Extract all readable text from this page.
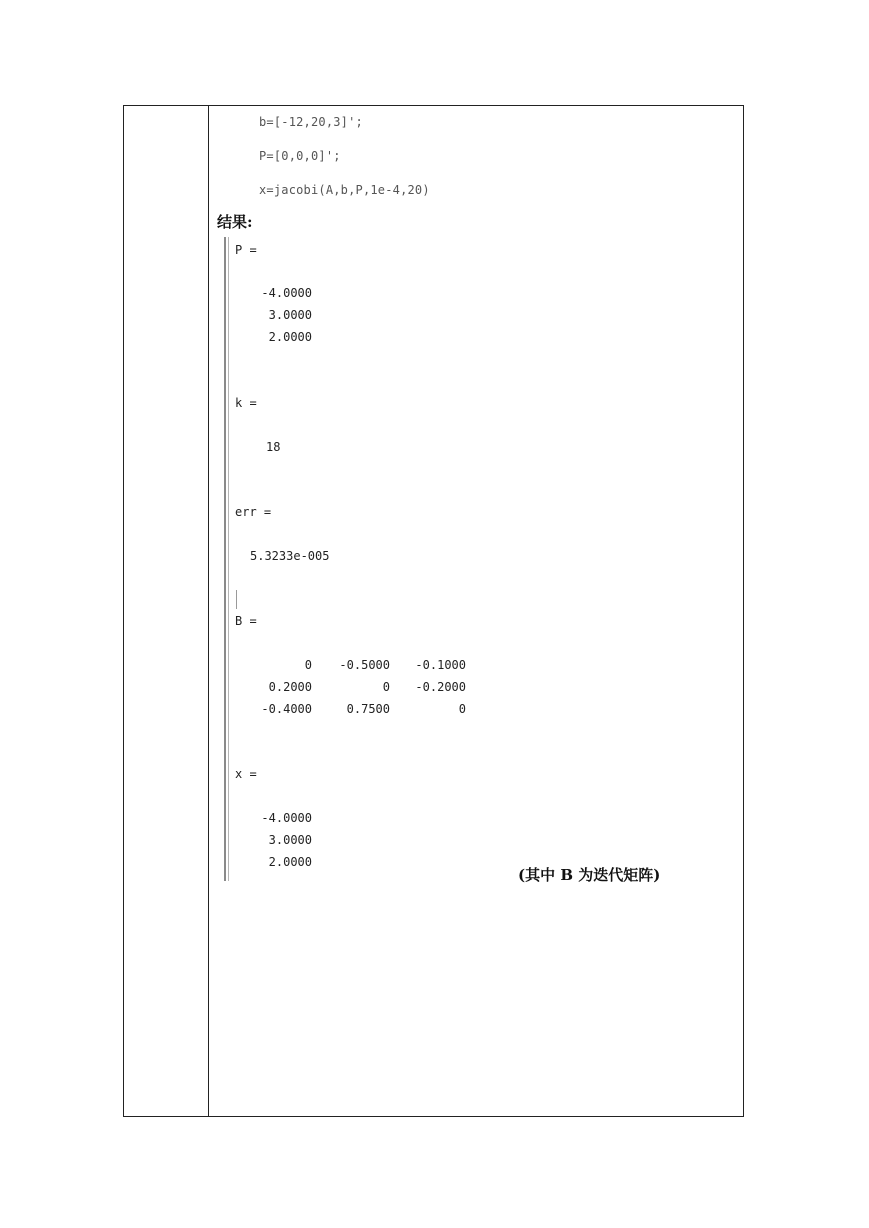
b=[-12,20,3]';
P=[0,0,0]';
x=jacobi(A,b,P,1e-4,20)
结果:
P =
-4.0000
3.0000
2.0000
k =
18
err =
5.3233e-005
B =
0	-0.5000	-0.1000
0.2000	0	-0.2000
-0.4000	0.7500	0
x =
-4.0000
3.0000
2.0000
(其中 B 为迭代矩阵)
